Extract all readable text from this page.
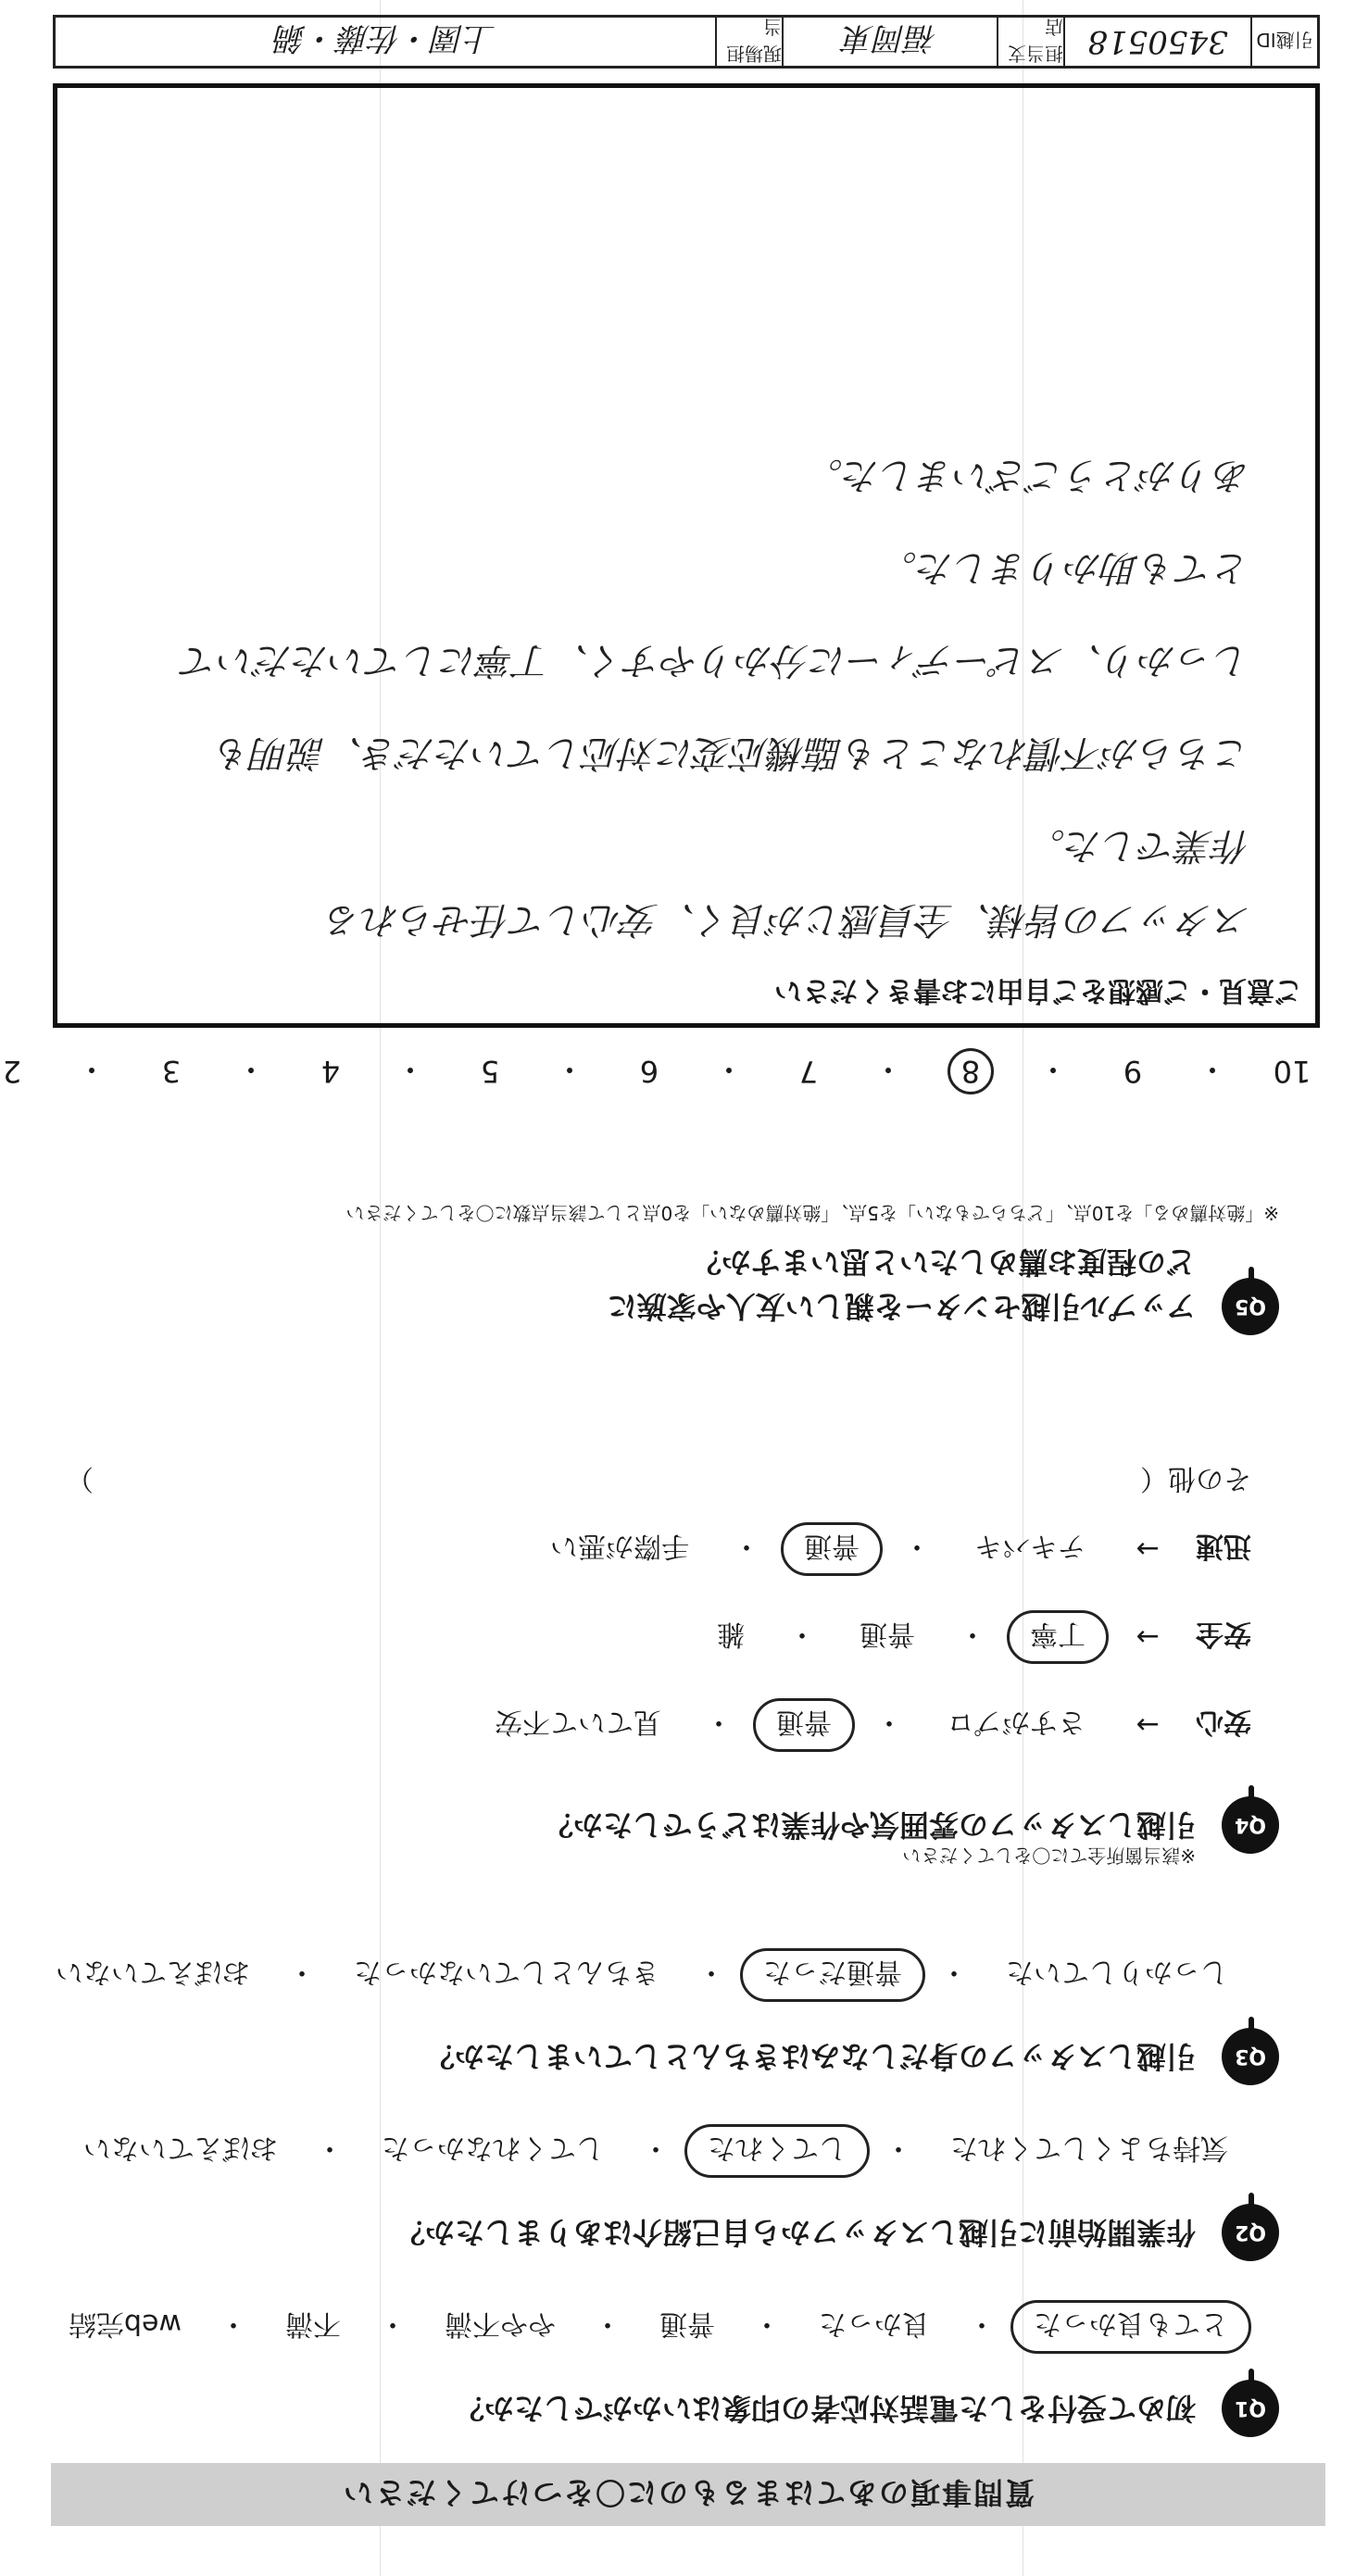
質問事項のあてはまるものに〇をつけてください
Q1
初めて受付をした電話対応者の印象はいかがでしたか？
とても良かった
・
良かった
・
普通
・
やや不満
・
不満
・
web完結
Q2
作業開始前に引越しスタッフから自己紹介はありましたか？
気持ちよくしてくれた
・
してくれた
・
してくれなかった
・
おぼえていない
Q3
引越しスタッフの身だしなみはきちんとしていましたか？
しっかりしていた
・
普通だった
・
きちんとしていなかった
・
おぼえていない
Q4
引越しスタッフの雰囲気や作業はどうでしたか？
※該当箇所全てに〇をしてください
安心
→
さすがプロ
・
普通
・
見ていて不安
安全
→
丁寧
・
普通
・
雑
迅速
→
テキパキ
・
普通
・
手際が悪い
その他（
）
Q5
アップル引越センターを親しい友人や家族に
どの程度お薦めしたいと思いますか？
※「絶対薦める」を10点、「どちらでもない」を5点、「絶対薦めない」を0点として該当点数に〇をしてください
10
・
9
・
8
・
7
・
6
・
5
・
4
・
3
・
2
ご意見・ご感想をご自由にお書きください
スタッフの皆様、全員感じが良く、安心して任せられる
作業でした。
こちらが不慣れなことも臨機応変に対応していただき、説明も
しっかり、スピーディーに分かりやすく、丁寧にしていただいて
とても助かりました。
ありがとうございました。
引越ID
3450518
担当支店
福岡東
現場担当
上園・佐藤・鍋
